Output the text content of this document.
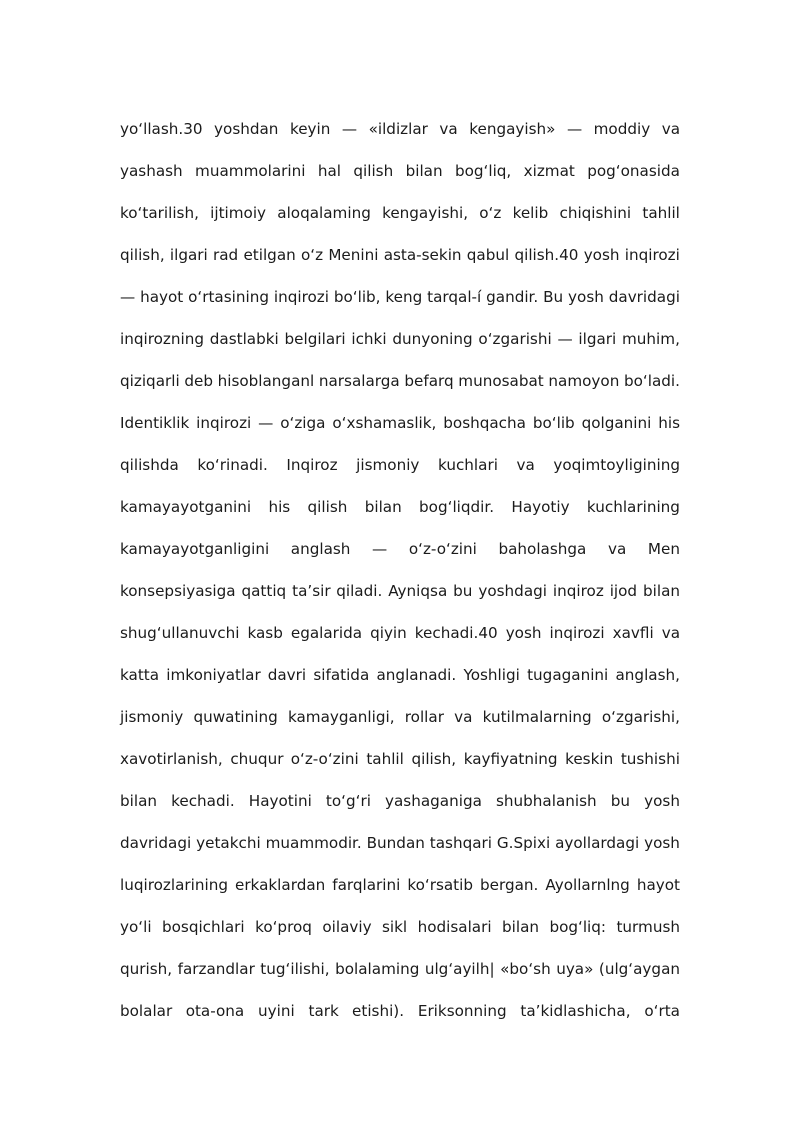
yo‘llash.30 yoshdan keyin — «ildizlar va kengayish» — moddiy va
yashash muammolarini hal qilish bilan bog‘liq, xizmat pog‘onasida
ko‘tarilish, ijtimoiy aloqalaming kengayishi, o‘z kelib chiqishini tahlil
qilish, ilgari rad etilgan o‘z Menini asta-sekin qabul qilish.40 yosh inqirozi
— hayot o‘rtasining inqirozi bo‘lib, keng tarqal-í gandir. Bu yosh davridagi
inqirozning dastlabki belgilari ichki dunyoning o‘zgarishi — ilgari muhim,
qiziqarli deb hisoblanganl narsalarga befarq munosabat namoyon bo‘ladi.
Identiklik inqirozi — o‘ziga o‘xshamaslik, boshqacha bo‘lib qolganini his
qilishda ko‘rinadi. Inqiroz jismoniy kuchlari va yoqimtoyligining
kamayayotganini his qilish bilan bog‘liqdir. Hayotiy kuchlarining
kamayayotganligini anglash — o‘z-o‘zini baholashga va Men
konsepsiyasiga qattiq ta’sir qiladi. Ayniqsa bu yoshdagi inqiroz ijod bilan
shug‘ullanuvchi kasb egalarida qiyin kechadi.40 yosh inqirozi xavfli va
katta imkoniyatlar davri sifatida anglanadi. Yoshligi tugaganini anglash,
jismoniy quwatining kamayganligi, rollar va kutilmalarning o‘zgarishi,
xavotirlanish, chuqur o‘z-o‘zini tahlil qilish, kayfiyatning keskin tushishi
bilan kechadi. Hayotini to‘g‘ri yashaganiga shubhalanish bu yosh
davridagi yetakchi muammodir. Bundan tashqari G.Spixi ayollardagi yosh
luqirozlarining erkaklardan farqlarini ko‘rsatib bergan. Ayollarnlng hayot
yo‘li bosqichlari ko‘proq oilaviy sikl hodisalari bilan bog‘liq: turmush
qurish, farzandlar tug‘ilishi, bolalaming ulg‘ayilh| «bo‘sh uya» (ulg‘aygan
bolalar ota-ona uyini tark etishi). Eriksonning ta’kidlashicha, o‘rta
